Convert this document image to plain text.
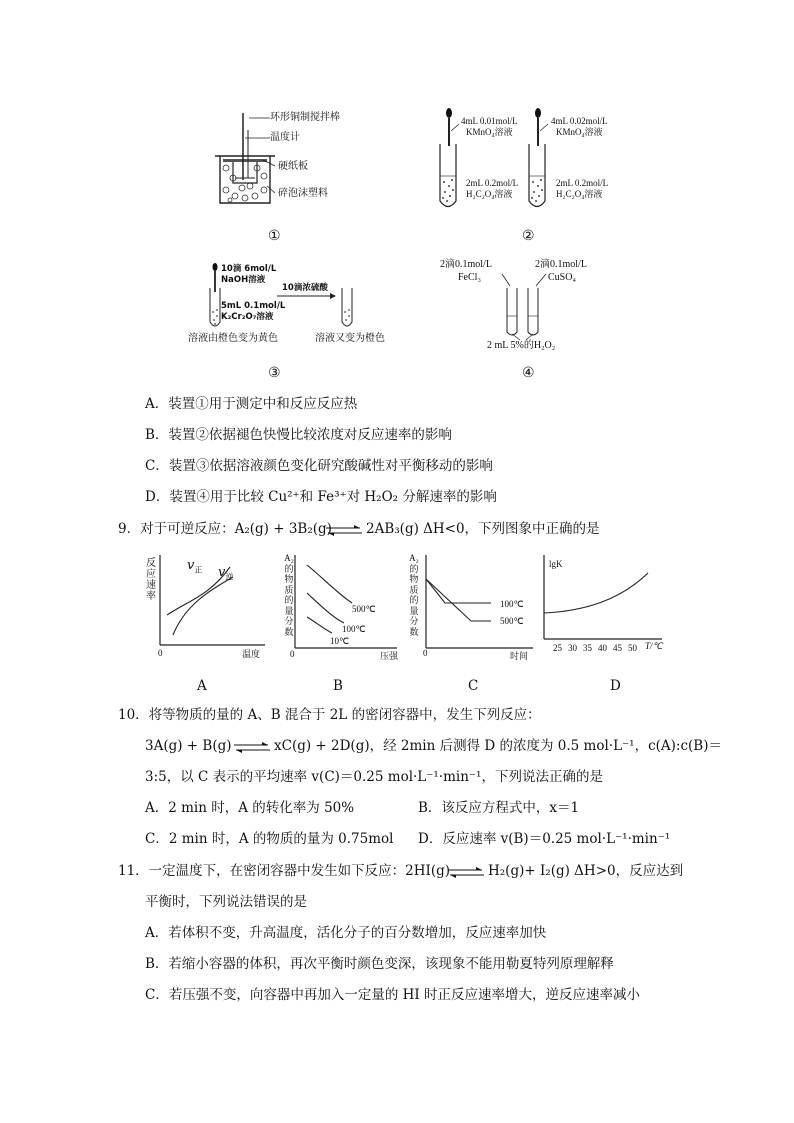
环形铜制搅拌棒
温度计
硬纸板
碎泡沫塑料
①
4mL 0.01mol/L
KMnO₄溶液
2mL 0.2mol/L
H₂C₂O₄溶液
4mL 0.02mol/L
KMnO₄溶液
2mL 0.2mol/L
H₂C₂O₄溶液
②
10滴 6mol/L
NaOH溶液
10滴浓硫酸
5mL 0.1mol/L
K₂Cr₂O₇溶液
溶液由橙色变为黄色	溶液又变为橙色
③
2滴0.1mol/L
FeCl₃
2滴0.1mol/L
CuSO₄
2 mL 5%的H₂O₂
④
A．装置①用于测定中和反应反应热
B．装置②依据褪色快慢比较浓度对反应速率的影响
C．装置③依据溶液颜色变化研究酸碱性对平衡移动的影响
D．装置④用于比较 Cu²⁺和 Fe³⁺对 H₂O₂ 分解速率的影响
9．对于可逆反应：A₂(g) + 3B₂(g) ⇌ 2AB₃(g) ΔH<0，下列图象中正确的是
反
应
速
率
$v_正$ $v_逆$
0	温度
A
A₂
的
物
质
的
量
分
数
500℃
100℃
10℃
0	压强
B
A₂
的
物
质
的
量
分
数
100℃
500℃
0	时间
C
lgK
25 30 35 40 45 50 T/℃
D
10．将等物质的量的 A、B 混合于 2L 的密闭容器中，发生下列反应：
3A(g) + B(g) ⇌ xC(g) + 2D(g)，经 2min 后测得 D 的浓度为 0.5 mol·L⁻¹，c(A):c(B)＝
3:5，以 C 表示的平均速率 v(C)＝0.25 mol·L⁻¹·min⁻¹，下列说法正确的是
A．2 min 时，A 的转化率为 50%	B．该反应方程式中，x＝1
C．2 min 时，A 的物质的量为 0.75mol D．反应速率 v(B)＝0.25 mol·L⁻¹·min⁻¹
11．一定温度下，在密闭容器中发生如下反应：2HI(g) ⇌ H₂(g)+ I₂(g) ΔH>0，反应达到
平衡时，下列说法错误的是
A．若体积不变，升高温度，活化分子的百分数增加，反应速率加快
B．若缩小容器的体积，再次平衡时颜色变深，该现象不能用勒夏特列原理解释
C．若压强不变，向容器中再加入一定量的 HI 时正反应速率增大，逆反应速率减小
